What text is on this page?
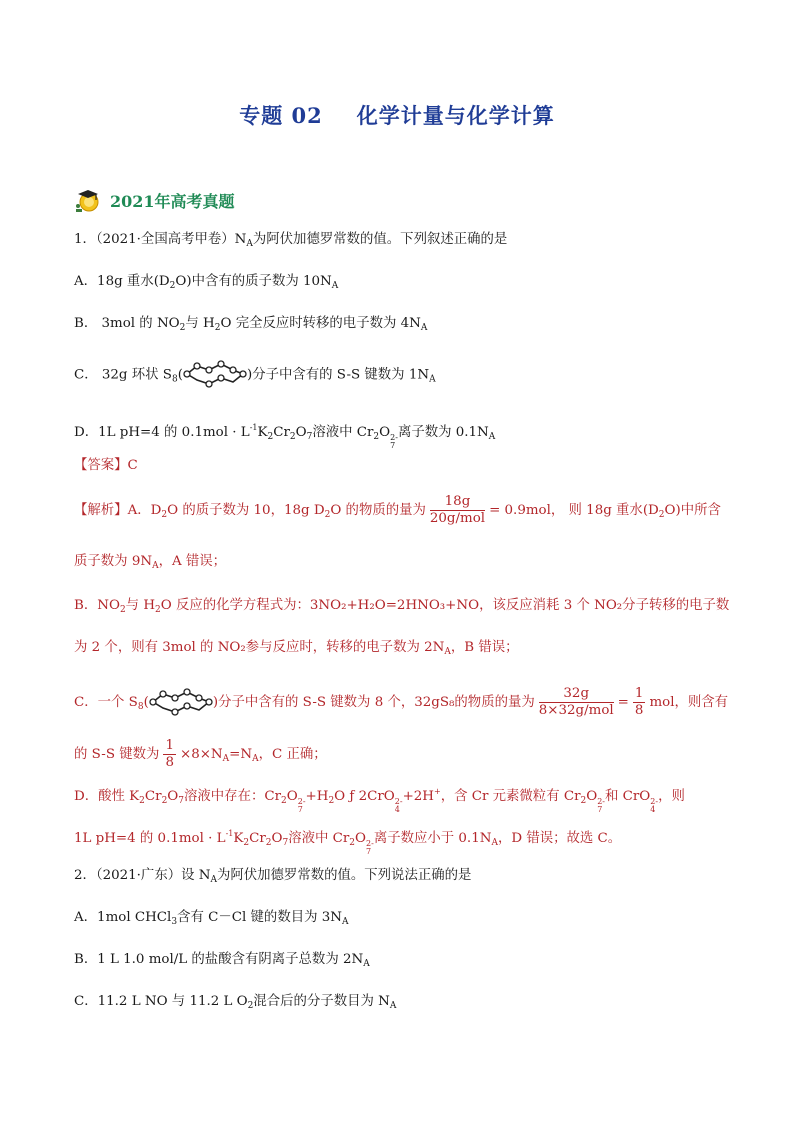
专题 02 化学计量与化学计算
2021年高考真题
1．（2021·全国高考甲卷）$N_A$为阿伏加德罗常数的值。下列叙述正确的是
A．18g 重水$(D_2O)$中含有的质子数为 $10N_A$
B． 3mol 的 $NO_2$与 $H_2O$ 完全反应时转移的电子数为 $4N_A$
C． 32g 环状 $S_8$(	)分子中含有的 S-S 键数为 $1N_A$
D．1L pH=4 的 $0.1mol \cdot L^{-1}K_2Cr_2O_7$溶液中 $Cr_2O$ 2-
7
离子数为 $0.1N_A$
【答案】C
【解析】A．$D_2O$ 的质子数为 10，18g $D_2O$ 的物质的量为 $\frac{18g}{\text{20g/mol}} = 0.9mol$， 则 18g 重水$(D_2O)$中所含
质子数为 $9N_A$，A 错误；
B．$NO_2$与 $H_2O$ 反应的化学方程式为：3NO₂+H₂O=2HNO₃+NO，该反应消耗 3 个 NO₂分子转移的电子数
为 2 个，则有 3mol 的 NO₂参与反应时，转移的电子数为 $2N_A$，B 错误；
C．一个 $S_8$(	)分子中含有的 S-S 键数为 8 个，32gS₈的物质的量为 $\frac{32g}{\text{8×32g/mol}} = \frac{1}{8}$ mol，则含有
的 S-S 键数为 $\frac{1}{8} \times 8\times N_A=N_A$，C 正确；
D．酸性 $K_2Cr_2O_7$溶液中存在：$Cr_2O$ 2-
7
$+H_2O$ ƒ 2CrO 2-
4
+2H+，含 Cr 元素微粒有 $Cr_2O$ 2-
7
和 CrO 2-
4
，则
1L pH=4 的 $0.1mol \cdot L^{-1}K_2Cr_2O_7$溶液中 $Cr_2O$ 2-
7
离子数应小于 $0.1N_A$，D 错误；故选 C。
2．（2021·广东）设 $N_A$为阿伏加德罗常数的值。下列说法正确的是
A．1mol CHCl$_3$含有 C－Cl 键的数目为 $3N_A$
B．1 L 1.0 mol/L 的盐酸含有阴离子总数为 $2N_A$
C．11.2 L NO 与 11.2 L $O_2$混合后的分子数目为 $N_A$
